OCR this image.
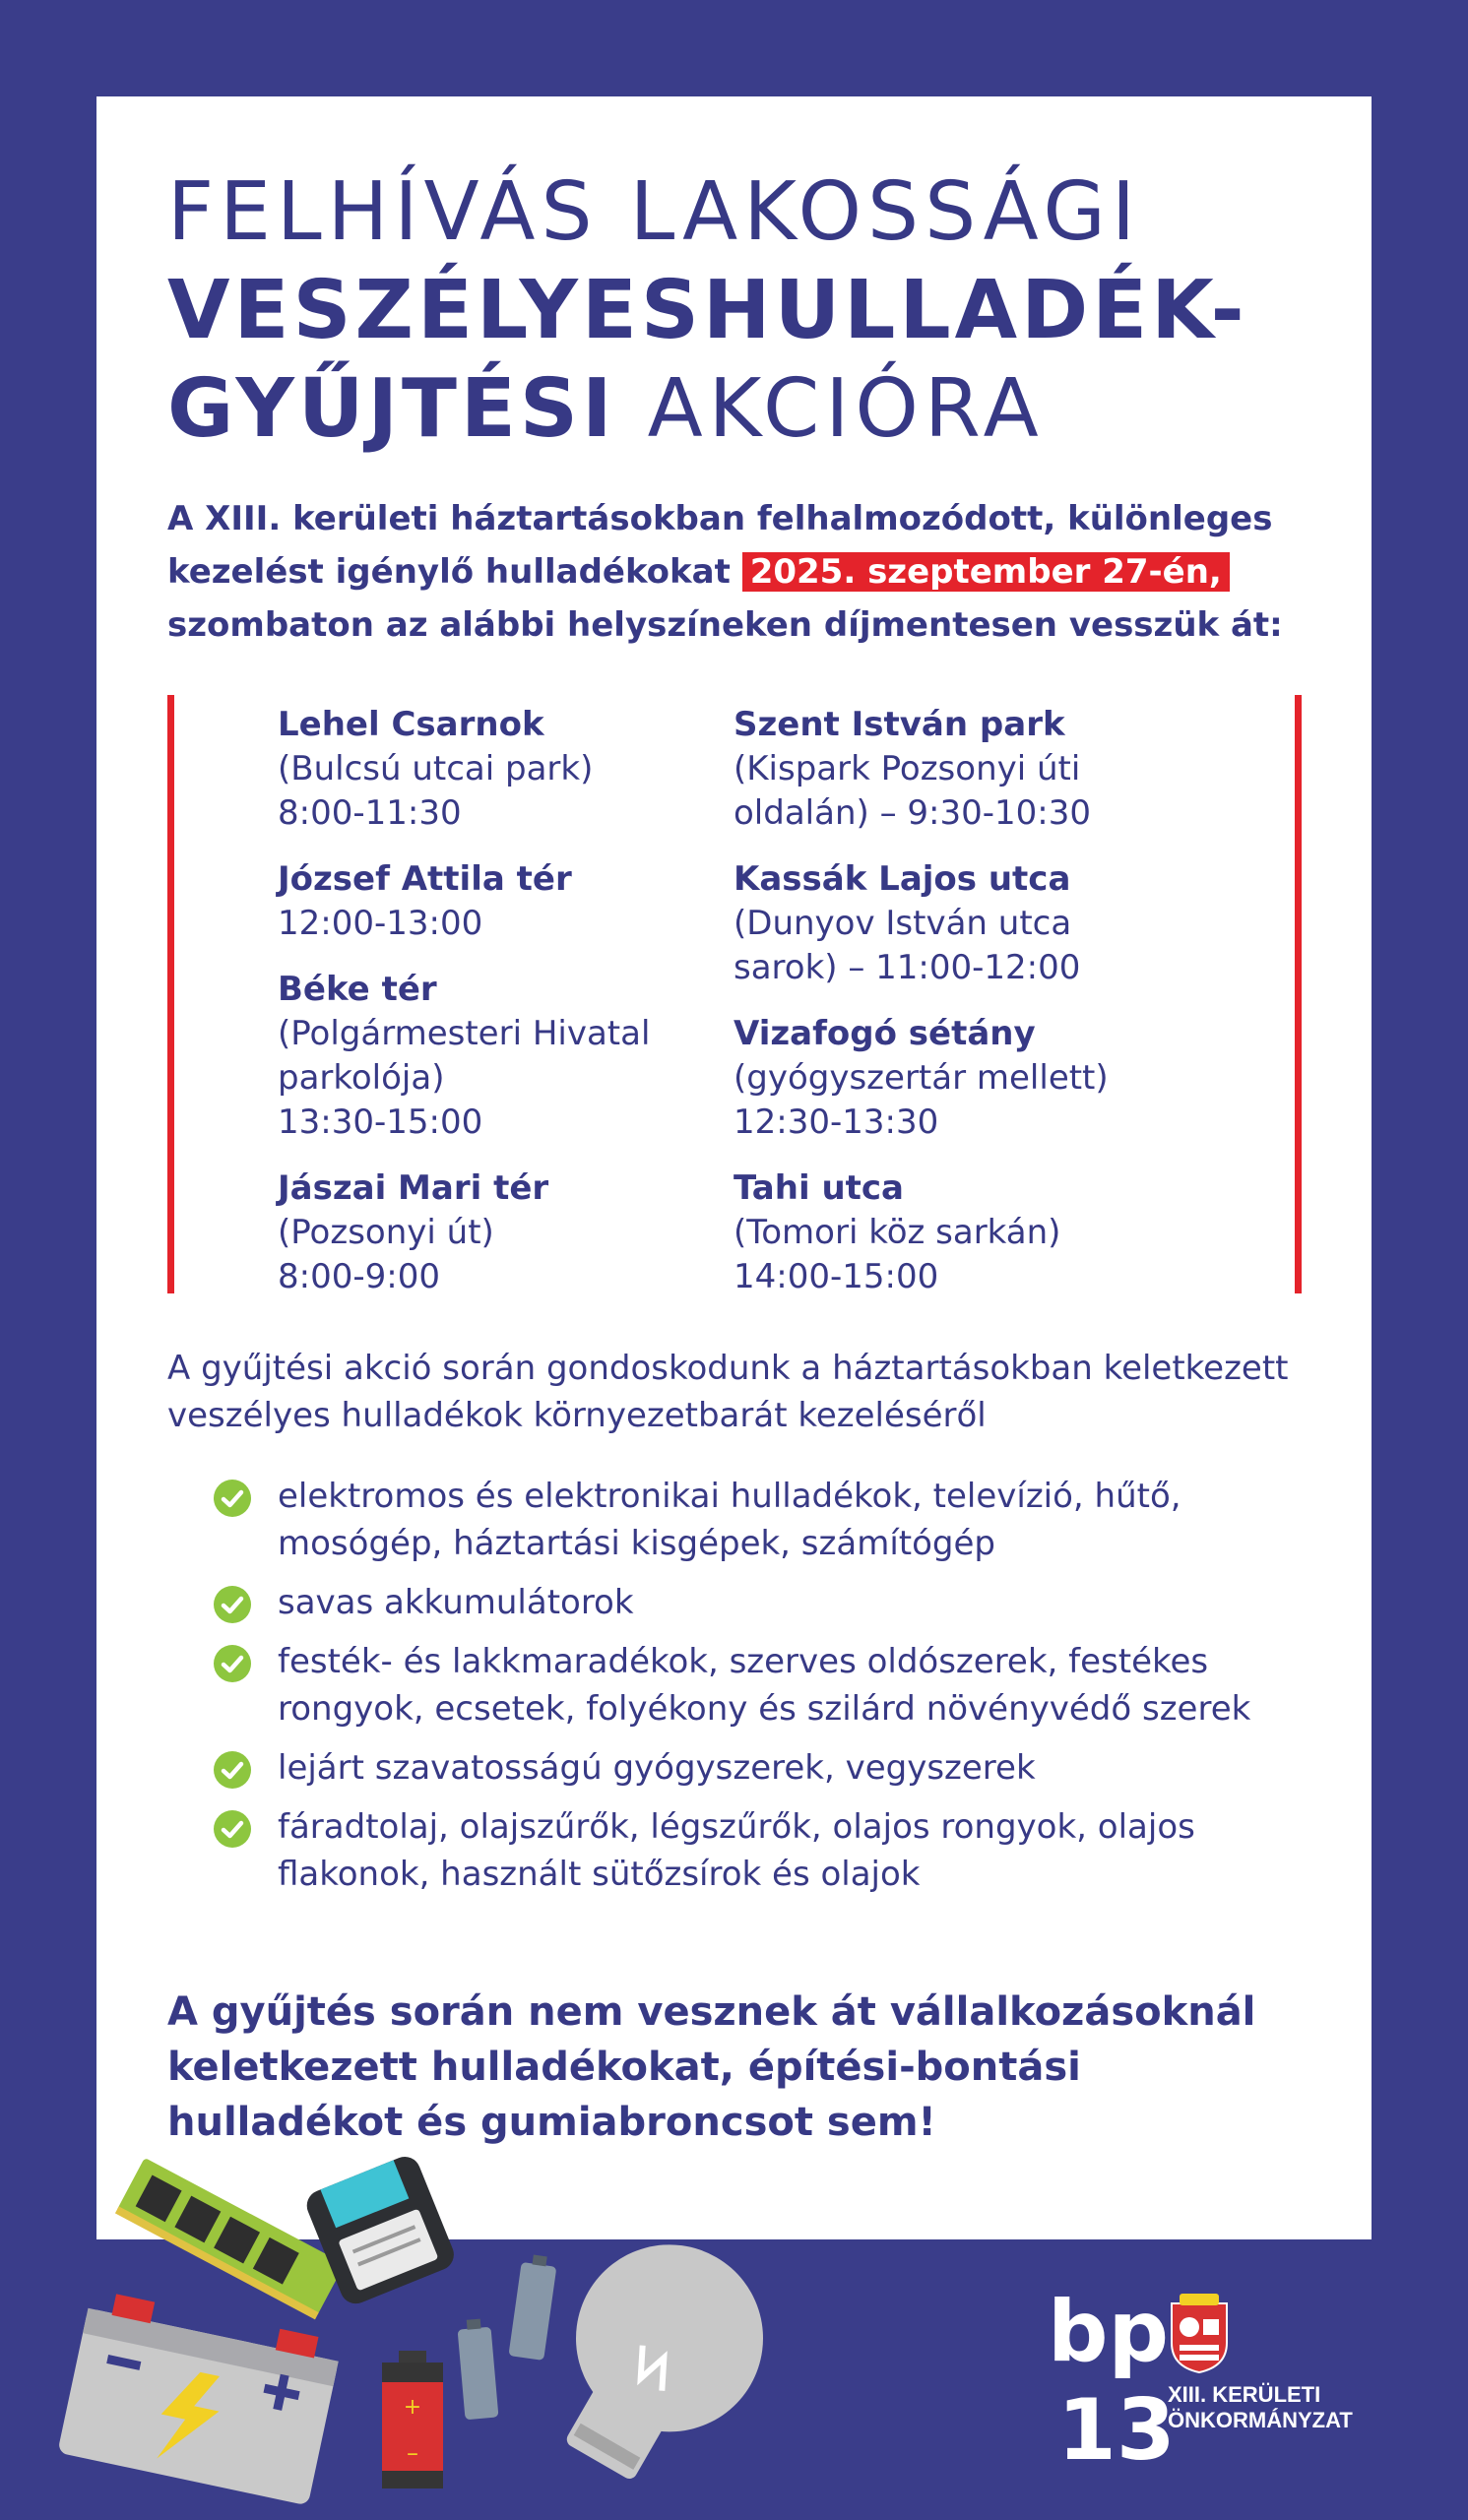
FELHÍVÁS LAKOSSÁGI
VESZÉLYESHULLADÉK-
GYŰJTÉSI AKCIÓRA
A XIII. kerületi háztartásokban felhalmozódott, különleges kezelést igénylő hulladékokat 2025. szeptember 27-én, szombaton az alábbi helyszíneken díjmentesen vesszük át:
Lehel Csarnok
(Bulcsú utcai park)
8:00-11:30
József Attila tér
12:00-13:00
Béke tér
(Polgármesteri Hivatal
parkolója)
13:30-15:00
Jászai Mari tér
(Pozsonyi út)
8:00-9:00
Szent István park
(Kispark Pozsonyi úti
oldalán) – 9:30-10:30
Kassák Lajos utca
(Dunyov István utca
sarok) – 11:00-12:00
Vizafogó sétány
(gyógyszertár mellett)
12:30-13:30
Tahi utca
(Tomori köz sarkán)
14:00-15:00
A gyűjtési akció során gondoskodunk a háztartásokban keletkezett veszélyes hulladékok környezetbarát kezeléséről
elektromos és elektronikai hulladékok, televízió, hűtő, mosógép, háztartási kisgépek, számítógép
savas akkumulátorok
festék- és lakkmaradékok, szerves oldószerek, festékes rongyok, ecsetek, folyékony és szilárd növényvédő szerek
lejárt szavatosságú gyógyszerek, vegyszerek
fáradtolaj, olajszűrők, légszűrők, olajos rongyok, olajos flakonok, használt sütőzsírok és olajok
A gyűjtés során nem vesznek át vállalkozásoknál keletkezett hulladékokat, építési-bontási hulladékot és gumiabroncsot sem!
+
–
bp
13
XIII. KERÜLETI
ÖNKORMÁNYZAT
